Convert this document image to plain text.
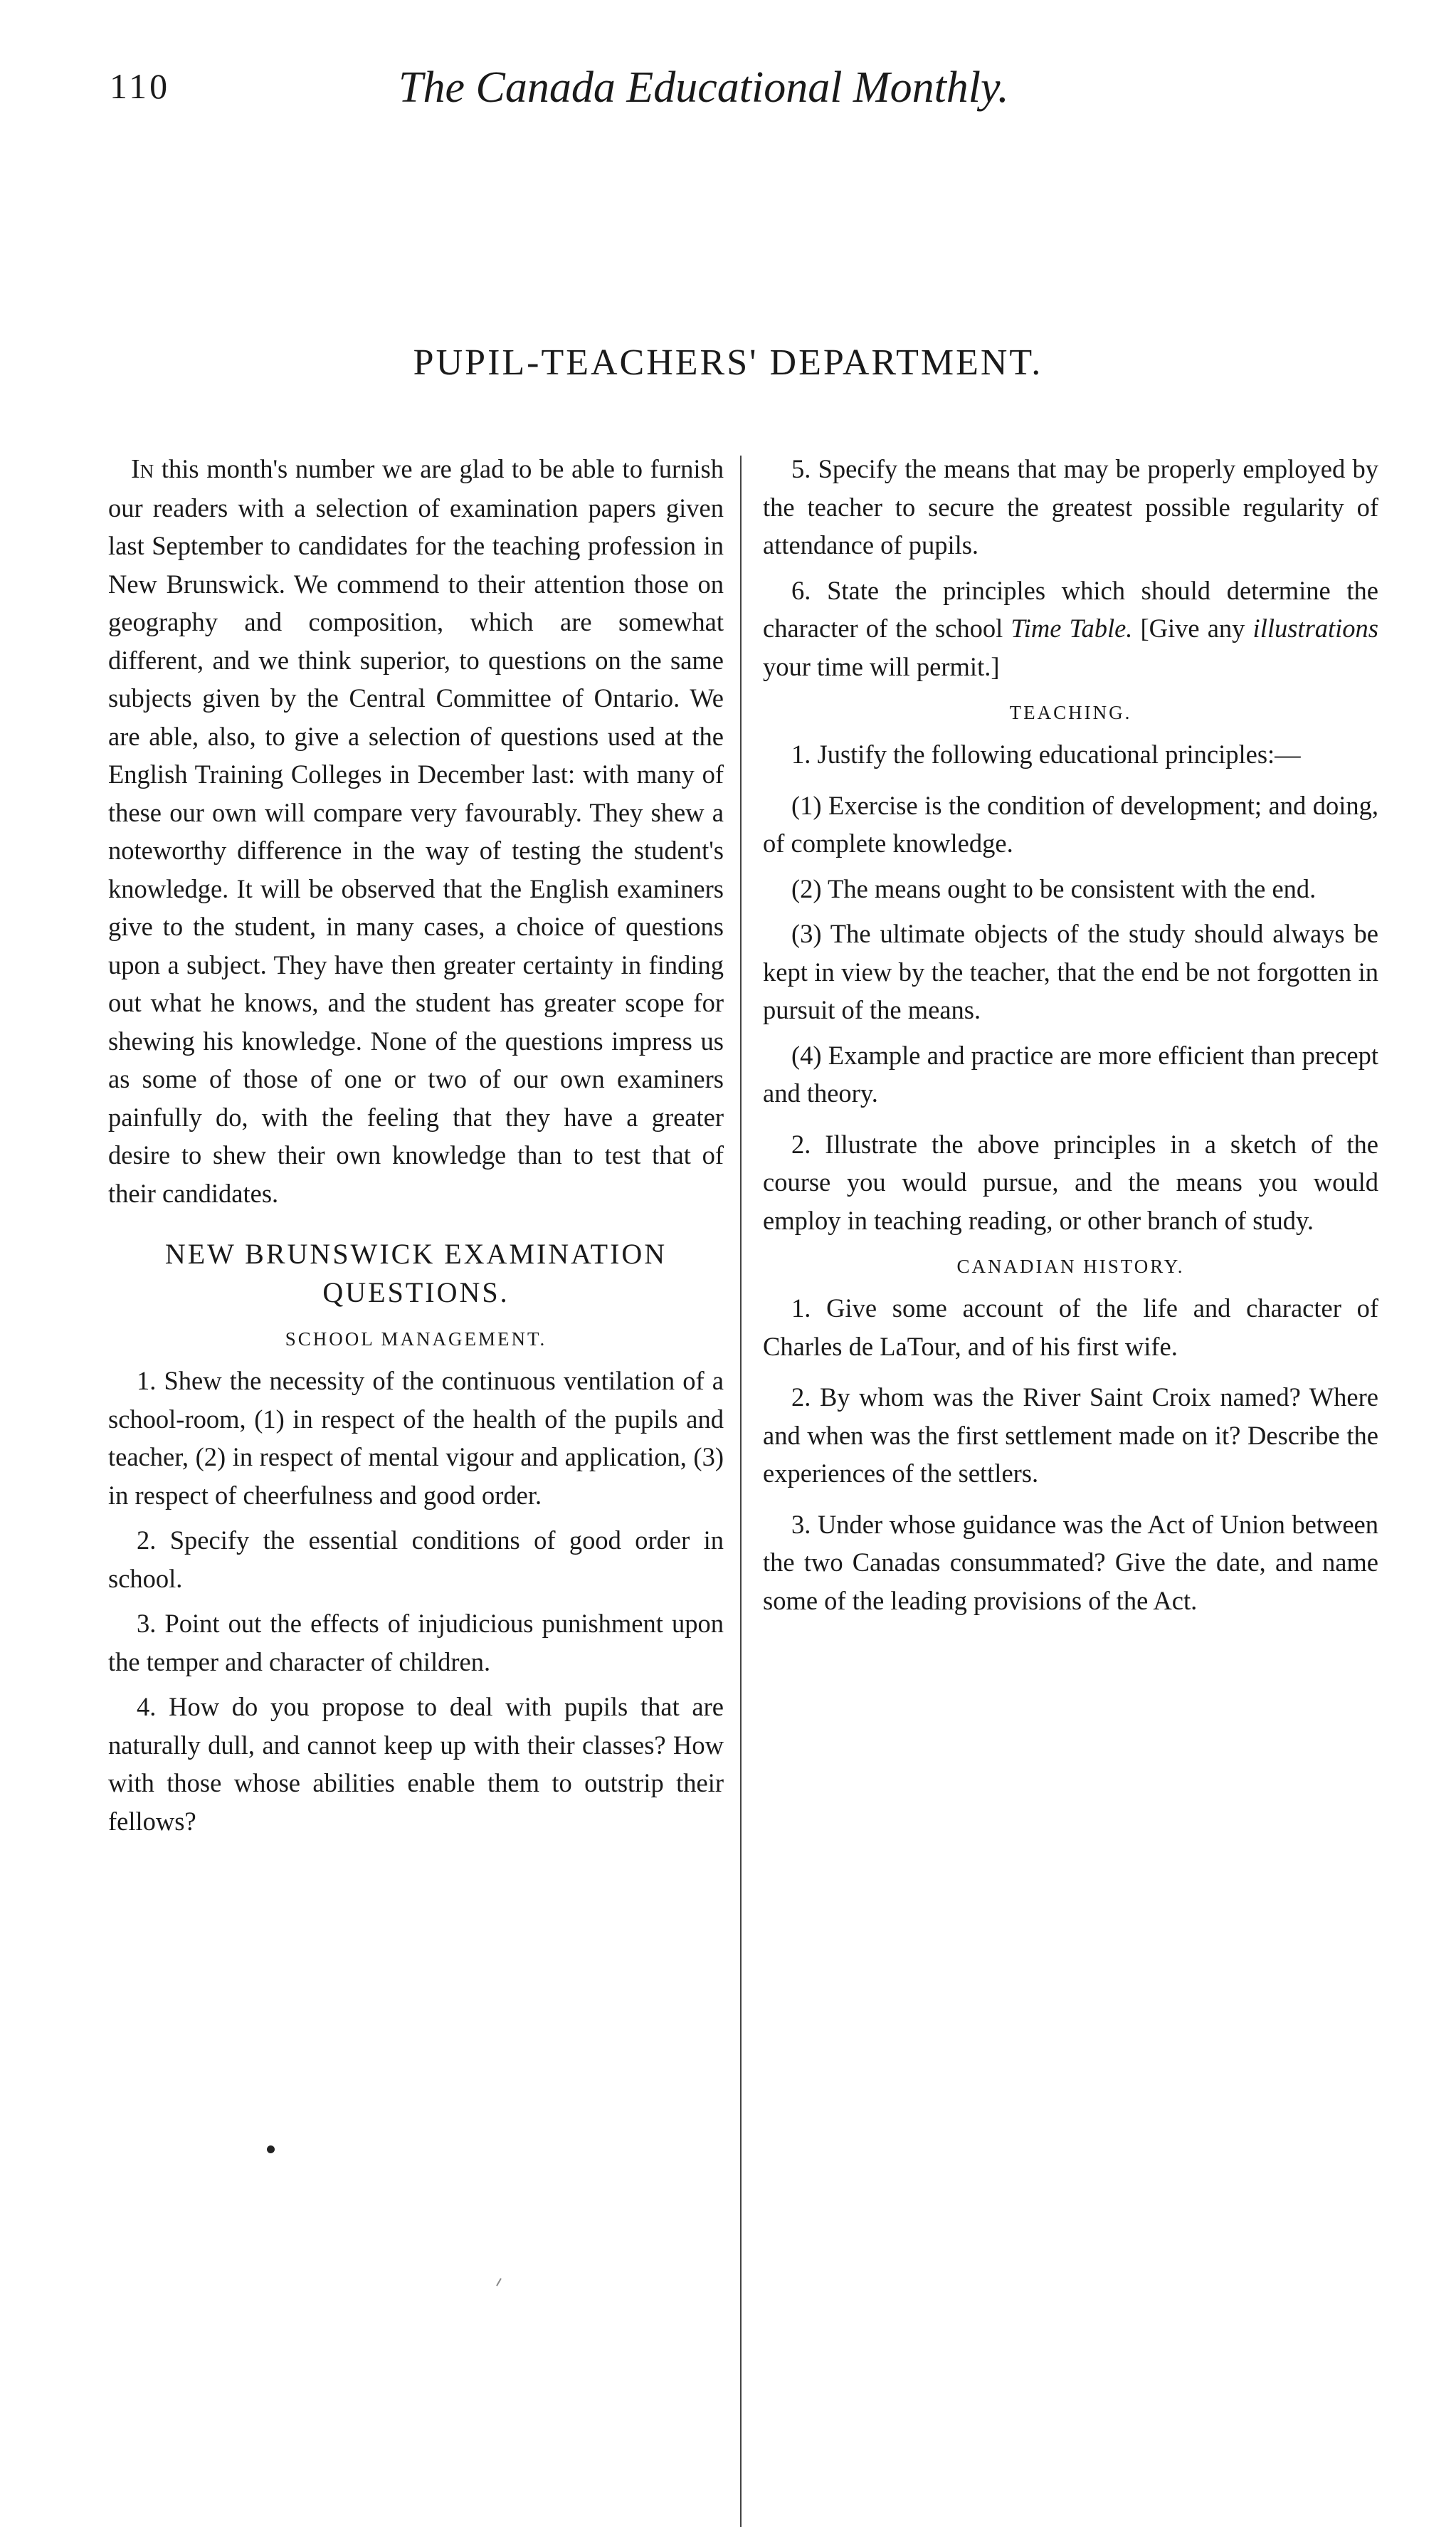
110	The Canada Educational Monthly.
PUPIL-TEACHERS' DEPARTMENT.

In this month's number we are glad to be able to furnish our readers with a selection of examination papers given last September to candidates for the teaching profession in New Brunswick. We commend to their attention those on geography and composition, which are somewhat different, and we think superior, to questions on the same subjects given by the Central Committee of Ontario. We are able, also, to give a selection of questions used at the English Training Colleges in December last: with many of these our own will compare very favourably. They shew a noteworthy difference in the way of testing the student's knowledge. It will be observed that the English examiners give to the student, in many cases, a choice of questions upon a subject. They have then greater certainty in finding out what he knows, and the student has greater scope for shewing his knowledge. None of the questions impress us as some of those of one or two of our own examiners painfully do, with the feeling that they have a greater desire to shew their own knowledge than to test that of their candidates.

NEW BRUNSWICK EXAMINATION QUESTIONS.
SCHOOL MANAGEMENT.

1. Shew the necessity of the continuous ventilation of a school-room, (1) in respect of the health of the pupils and teacher, (2) in respect of mental vigour and application, (3) in respect of cheerfulness and good order.

2. Specify the essential conditions of good order in school.

3. Point out the effects of injudicious punishment upon the temper and character of children.

4. How do you propose to deal with pupils that are naturally dull, and cannot keep up with their classes? How with those whose abilities enable them to outstrip their fellows?

5. Specify the means that may be properly employed by the teacher to secure the greatest possible regularity of attendance of pupils.

6. State the principles which should determine the character of the school Time Table. [Give any illustrations your time will permit.]

TEACHING.

1. Justify the following educational principles:—

(1) Exercise is the condition of development; and doing, of complete knowledge.

(2) The means ought to be consistent with the end.

(3) The ultimate objects of the study should always be kept in view by the teacher, that the end be not forgotten in pursuit of the means.

(4) Example and practice are more efficient than precept and theory.

2. Illustrate the above principles in a sketch of the course you would pursue, and the means you would employ in teaching reading, or other branch of study.

CANADIAN HISTORY.

1. Give some account of the life and character of Charles de LaTour, and of his first wife.

2. By whom was the River Saint Croix named? Where and when was the first settlement made on it? Describe the experiences of the settlers.

3. Under whose guidance was the Act of Union between the two Canadas consummated? Give the date, and name some of the leading provisions of the Act.
